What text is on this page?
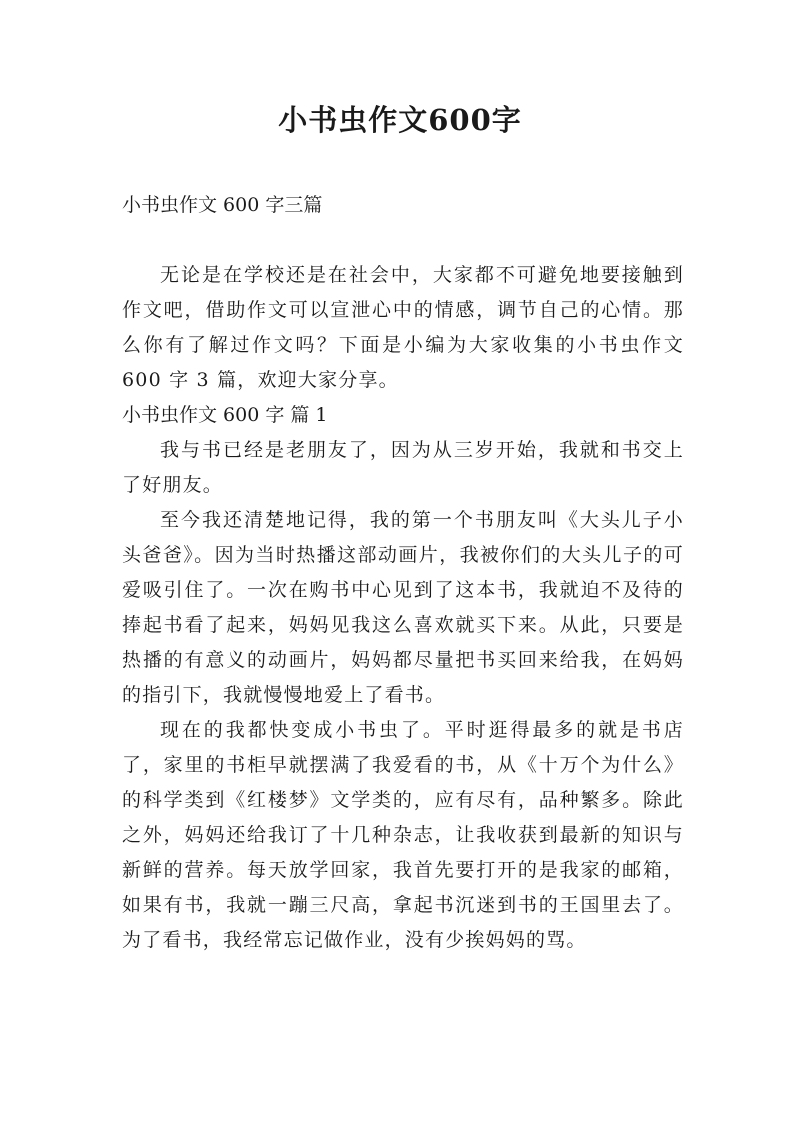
小书虫作文600字

小书虫作文 600 字三篇

无论是在学校还是在社会中，大家都不可避免地要接触到作文吧，借助作文可以宣泄心中的情感，调节自己的心情。那么你有了解过作文吗？下面是小编为大家收集的小书虫作文 600 字 3 篇，欢迎大家分享。

小书虫作文 600 字 篇 1

我与书已经是老朋友了，因为从三岁开始，我就和书交上了好朋友。

至今我还清楚地记得，我的第一个书朋友叫《大头儿子小头爸爸》。因为当时热播这部动画片，我被你们的大头儿子的可爱吸引住了。一次在购书中心见到了这本书，我就迫不及待的捧起书看了起来，妈妈见我这么喜欢就买下来。从此，只要是热播的有意义的动画片，妈妈都尽量把书买回来给我，在妈妈的指引下，我就慢慢地爱上了看书。

现在的我都快变成小书虫了。平时逛得最多的就是书店了，家里的书柜早就摆满了我爱看的书，从《十万个为什么》的科学类到《红楼梦》文学类的，应有尽有，品种繁多。除此之外，妈妈还给我订了十几种杂志，让我收获到最新的知识与新鲜的营养。每天放学回家，我首先要打开的是我家的邮箱，如果有书，我就一蹦三尺高，拿起书沉迷到书的王国里去了。为了看书，我经常忘记做作业，没有少挨妈妈的骂。
